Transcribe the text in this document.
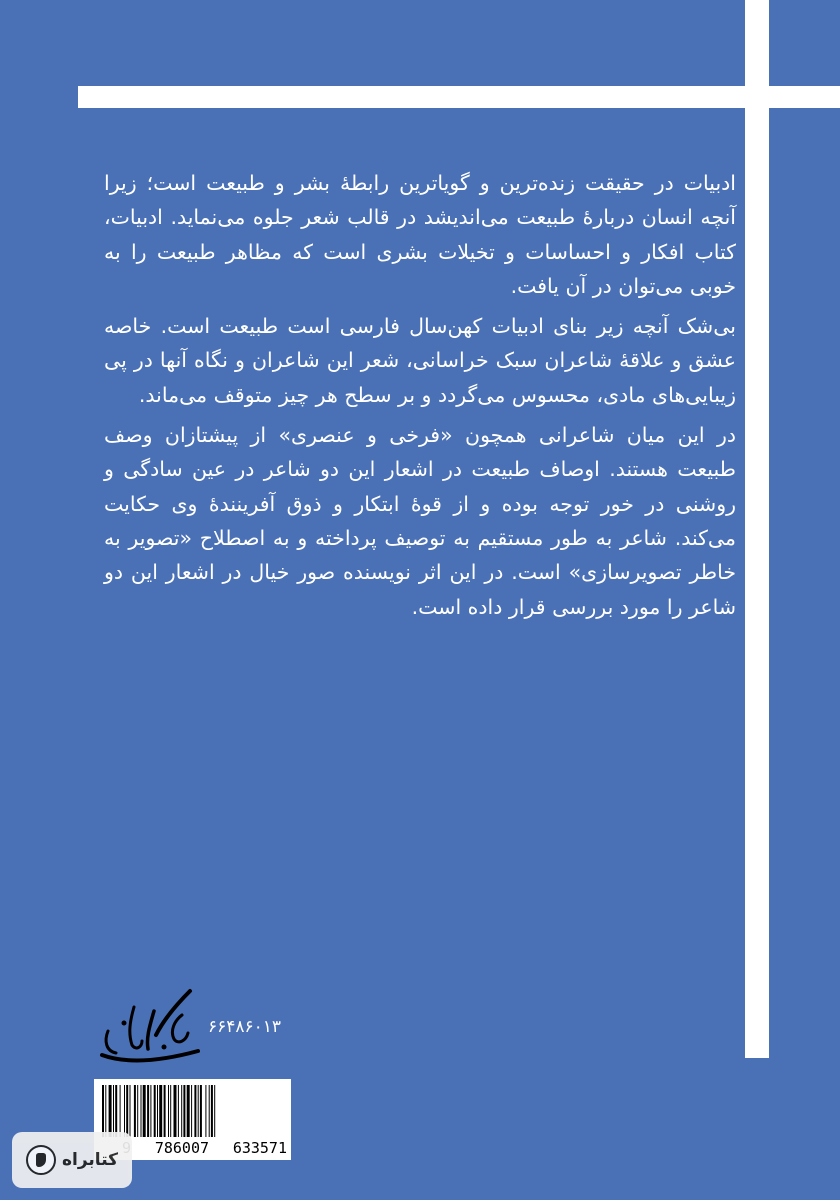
ادبیات در حقیقت زنده‌ترین و گویاترین رابطهٔ بشر و طبیعت است؛ زیرا آنچه انسان دربارهٔ طبیعت می‌اندیشد در قالب شعر جلوه می‌نماید. ادبیات، کتاب افکار و احساسات و تخیلات بشری است که مظاهر طبیعت را به خوبی می‌توان در آن یافت.

بی‌شک آنچه زیر بنای ادبیات کهن‌سال فارسی است طبیعت است. خاصه عشق و علاقهٔ شاعران سبک خراسانی، شعر این شاعران و نگاه آنها در پی زیبایی‌های مادی، محسوس می‌گردد و بر سطح هر چیز متوقف می‌ماند.

در این میان شاعرانی همچون «فرخی و عنصری» از پیشتازان وصف طبیعت هستند. اوصاف طبیعت در اشعار این دو شاعر در عین سادگی و روشنی در خور توجه بوده و از قوهٔ ابتکار و ذوق آفرینندهٔ وی حکایت می‌کند. شاعر به طور مستقیم به توصیف پرداخته و به اصطلاح «تصویر به خاطر تصویرسازی» است. در این اثر نویسنده صور خیال در اشعار این دو شاعر را مورد بررسی قرار داده است.

۶۶۴۸۶۰۱۳
786007 633571
کتابراه
